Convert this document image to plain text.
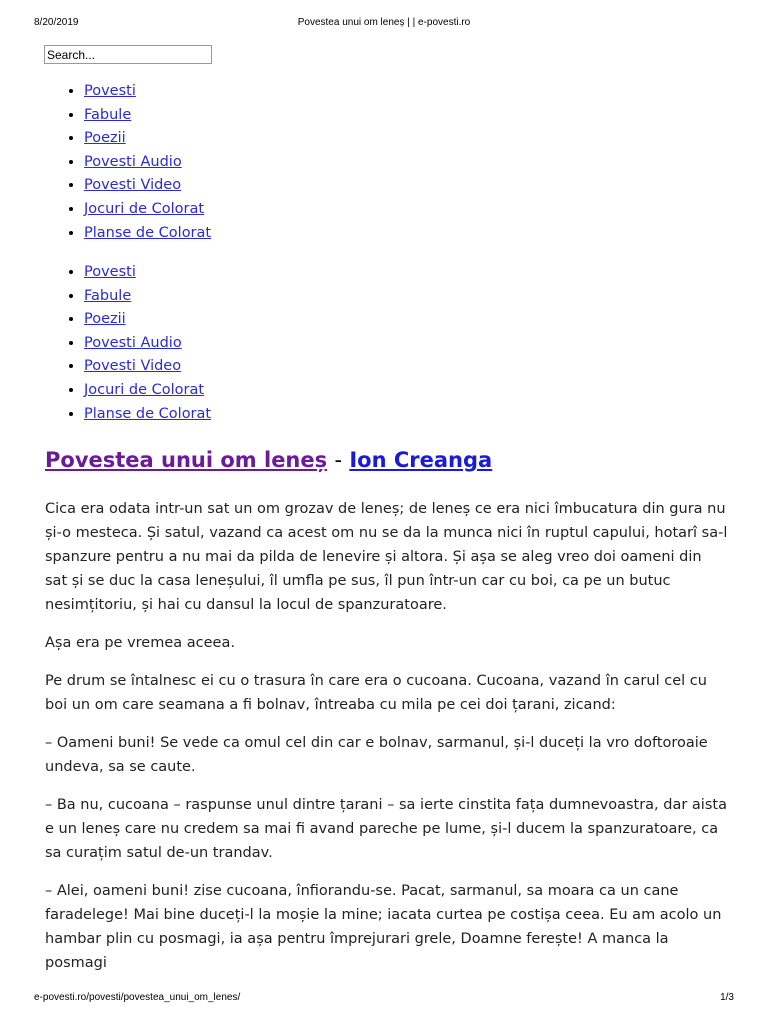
8/20/2019	Povestea unui om leneș | | e-povesti.ro
Search...
• Povesti
• Fabule
• Poezii
• Povesti Audio
• Povesti Video
• Jocuri de Colorat
• Planse de Colorat
• Povesti
• Fabule
• Poezii
• Povesti Audio
• Povesti Video
• Jocuri de Colorat
• Planse de Colorat
Povestea unui om leneș - Ion Creanga

Cica era odata intr-un sat un om grozav de leneș; de leneș ce era nici îmbucatura din gura nu și-o mesteca. Și satul, vazand ca acest om nu se da la munca nici în ruptul capului, hotarî sa-l spanzure pentru a nu mai da pilda de lenevire și altora. Și așa se aleg vreo doi oameni din sat și se duc la casa leneșului, îl umfla pe sus, îl pun într-un car cu boi, ca pe un butuc nesimțitoriu, și hai cu dansul la locul de spanzuratoare.

Așa era pe vremea aceea.

Pe drum se întalnesc ei cu o trasura în care era o cucoana. Cucoana, vazand în carul cel cu boi un om care seamana a fi bolnav, întreaba cu mila pe cei doi țarani, zicand:

– Oameni buni! Se vede ca omul cel din car e bolnav, sarmanul, și-l duceți la vro doftoroaie undeva, sa se caute.

– Ba nu, cucoana – raspunse unul dintre țarani – sa ierte cinstita fața dumnevoastra, dar aista e un leneș care nu credem sa mai fi avand pareche pe lume, și-l ducem la spanzuratoare, ca sa curațim satul de-un trandav.

– Alei, oameni buni! zise cucoana, înfiorandu-se. Pacat, sarmanul, sa moara ca un cane faradelege! Mai bine duceți-l la moșie la mine; iacata curtea pe costișa ceea. Eu am acolo un hambar plin cu posmagi, ia așa pentru împrejurari grele, Doamne ferește! A manca la posmagi

e-povesti.ro/povesti/povestea_unui_om_lenes/	1/3
